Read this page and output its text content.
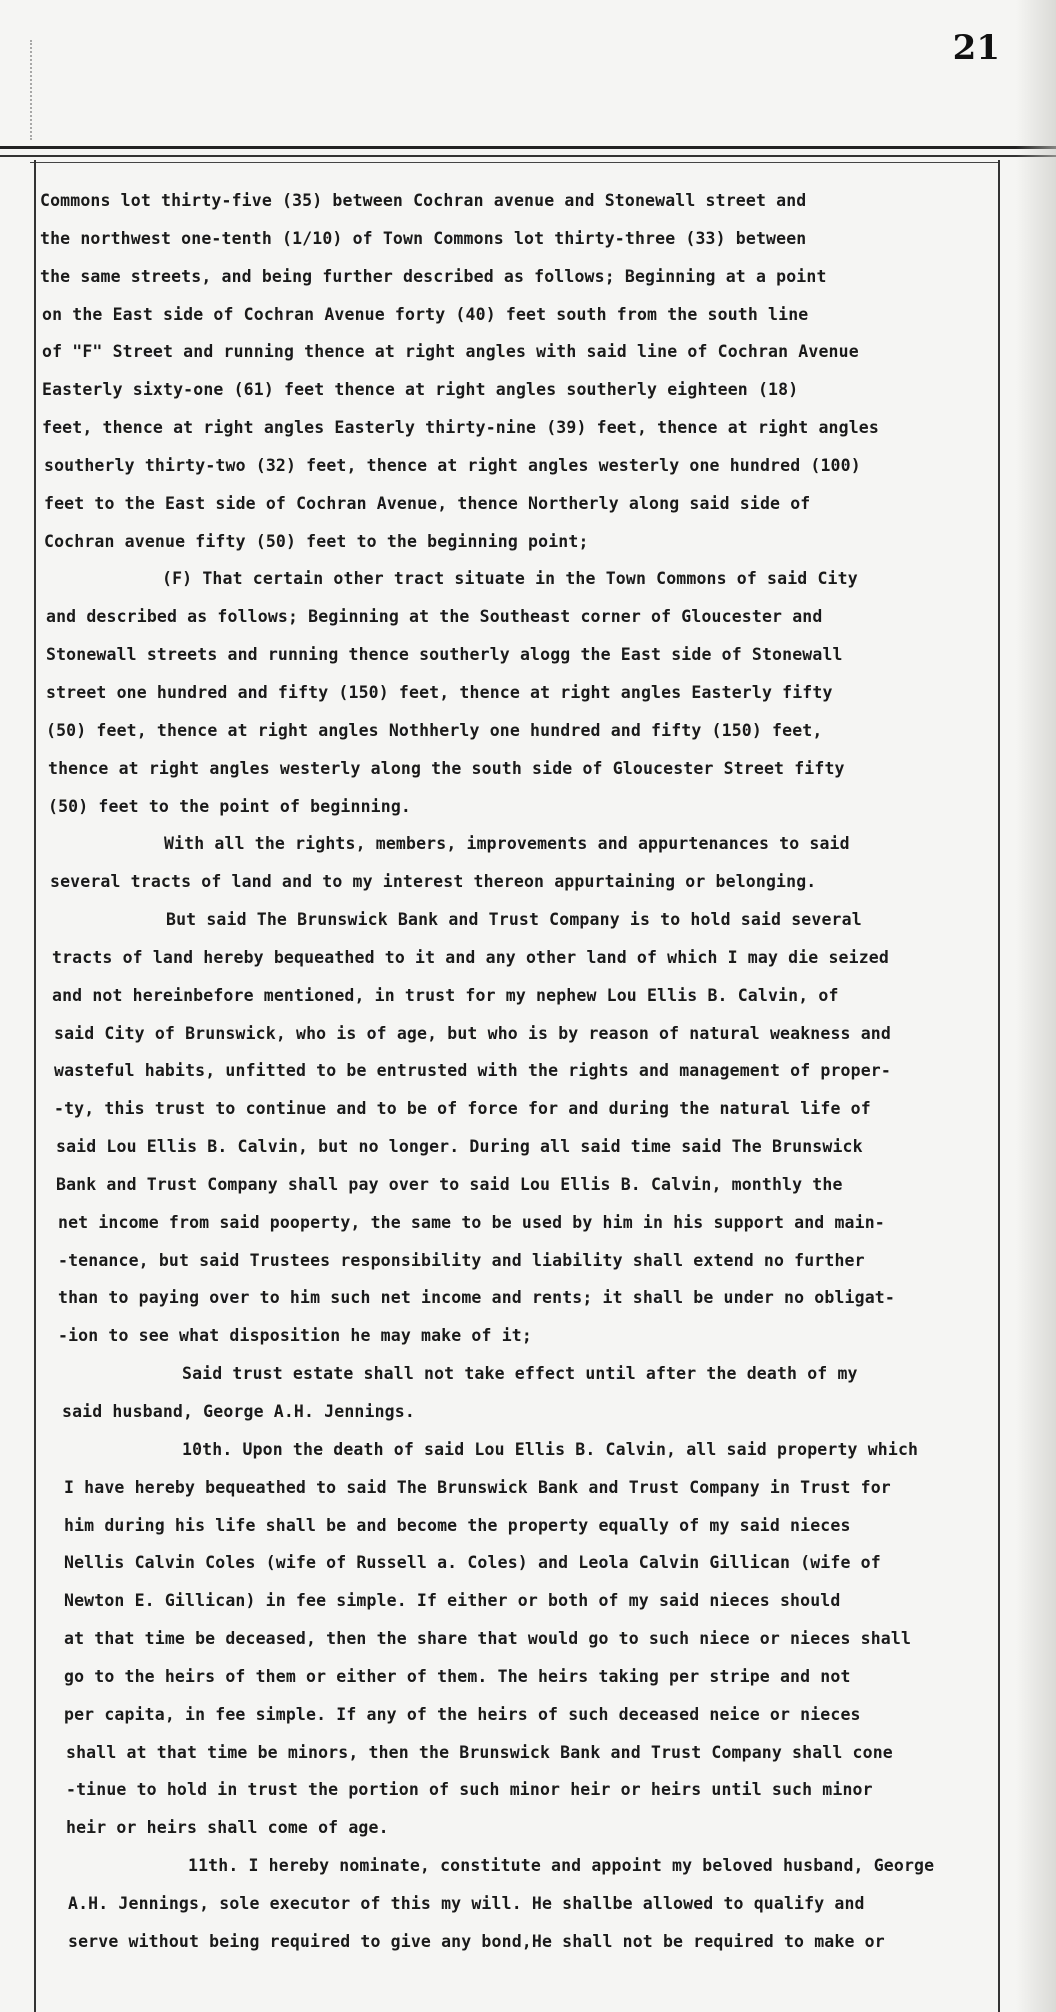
21
Commons lot thirty-five (35) between Cochran avenue and Stonewall street and
the northwest one-tenth (1/10) of Town Commons lot thirty-three (33) between
the same streets, and being further described as follows; Beginning at a point
on the East side of Cochran Avenue forty (40) feet south from the south line
of "F" Street and running thence at right angles with said line of Cochran Avenue
Easterly sixty-one (61) feet thence at right angles southerly eighteen (18)
feet, thence at right angles Easterly thirty-nine (39) feet, thence at right angles
southerly thirty-two (32) feet, thence at right angles westerly one hundred (100)
feet to the East side of Cochran Avenue, thence Northerly along said side of
Cochran avenue fifty (50) feet to the beginning point;
(F) That certain other tract situate in the Town Commons of said City
and described as follows; Beginning at the Southeast corner of Gloucester and
Stonewall streets and running thence southerly alogg the East side of Stonewall
street one hundred and fifty (150) feet, thence at right angles Easterly fifty
(50) feet, thence at right angles Nothherly one hundred and fifty (150) feet,
thence at right angles westerly along the south side of Gloucester Street fifty
(50) feet to the point of beginning.
With all the rights, members, improvements and appurtenances to said
several tracts of land and to my interest thereon appurtaining or belonging.
But said The Brunswick Bank and Trust Company is to hold said several
tracts of land hereby bequeathed to it and any other land of which I may die seized
and not hereinbefore mentioned, in trust for my nephew Lou Ellis B. Calvin, of
said City of Brunswick, who is of age, but who is by reason of natural weakness and
wasteful habits, unfitted to be entrusted with the rights and management of proper-
-ty, this trust to continue and to be of force for and during the natural life of
said Lou Ellis B. Calvin, but no longer. During all said time said The Brunswick
Bank and Trust Company shall pay over to said Lou Ellis B. Calvin, monthly the
net income from said pooperty, the same to be used by him in his support and main-
-tenance, but said Trustees responsibility and liability shall extend no further
than to paying over to him such net income and rents; it shall be under no obligat-
-ion to see what disposition he may make of it;
Said trust estate shall not take effect until after the death of my
said husband, George A.H. Jennings.
10th. Upon the death of said Lou Ellis B. Calvin, all said property which
I have hereby bequeathed to said The Brunswick Bank and Trust Company in Trust for
him during his life shall be and become the property equally of my said nieces
Nellis Calvin Coles (wife of Russell a. Coles) and Leola Calvin Gillican (wife of
Newton E. Gillican) in fee simple. If either or both of my said nieces should
at that time be deceased, then the share that would go to such niece or nieces shall
go to the heirs of them or either of them. The heirs taking per stripe and not
per capita, in fee simple. If any of the heirs of such deceased neice or nieces
shall at that time be minors, then the Brunswick Bank and Trust Company shall cone
-tinue to hold in trust the portion of such minor heir or heirs until such minor
heir or heirs shall come of age.
11th. I hereby nominate, constitute and appoint my beloved husband, George
A.H. Jennings, sole executor of this my will. He shallbe allowed to qualify and
serve without being required to give any bond,He shall not be required to make or
